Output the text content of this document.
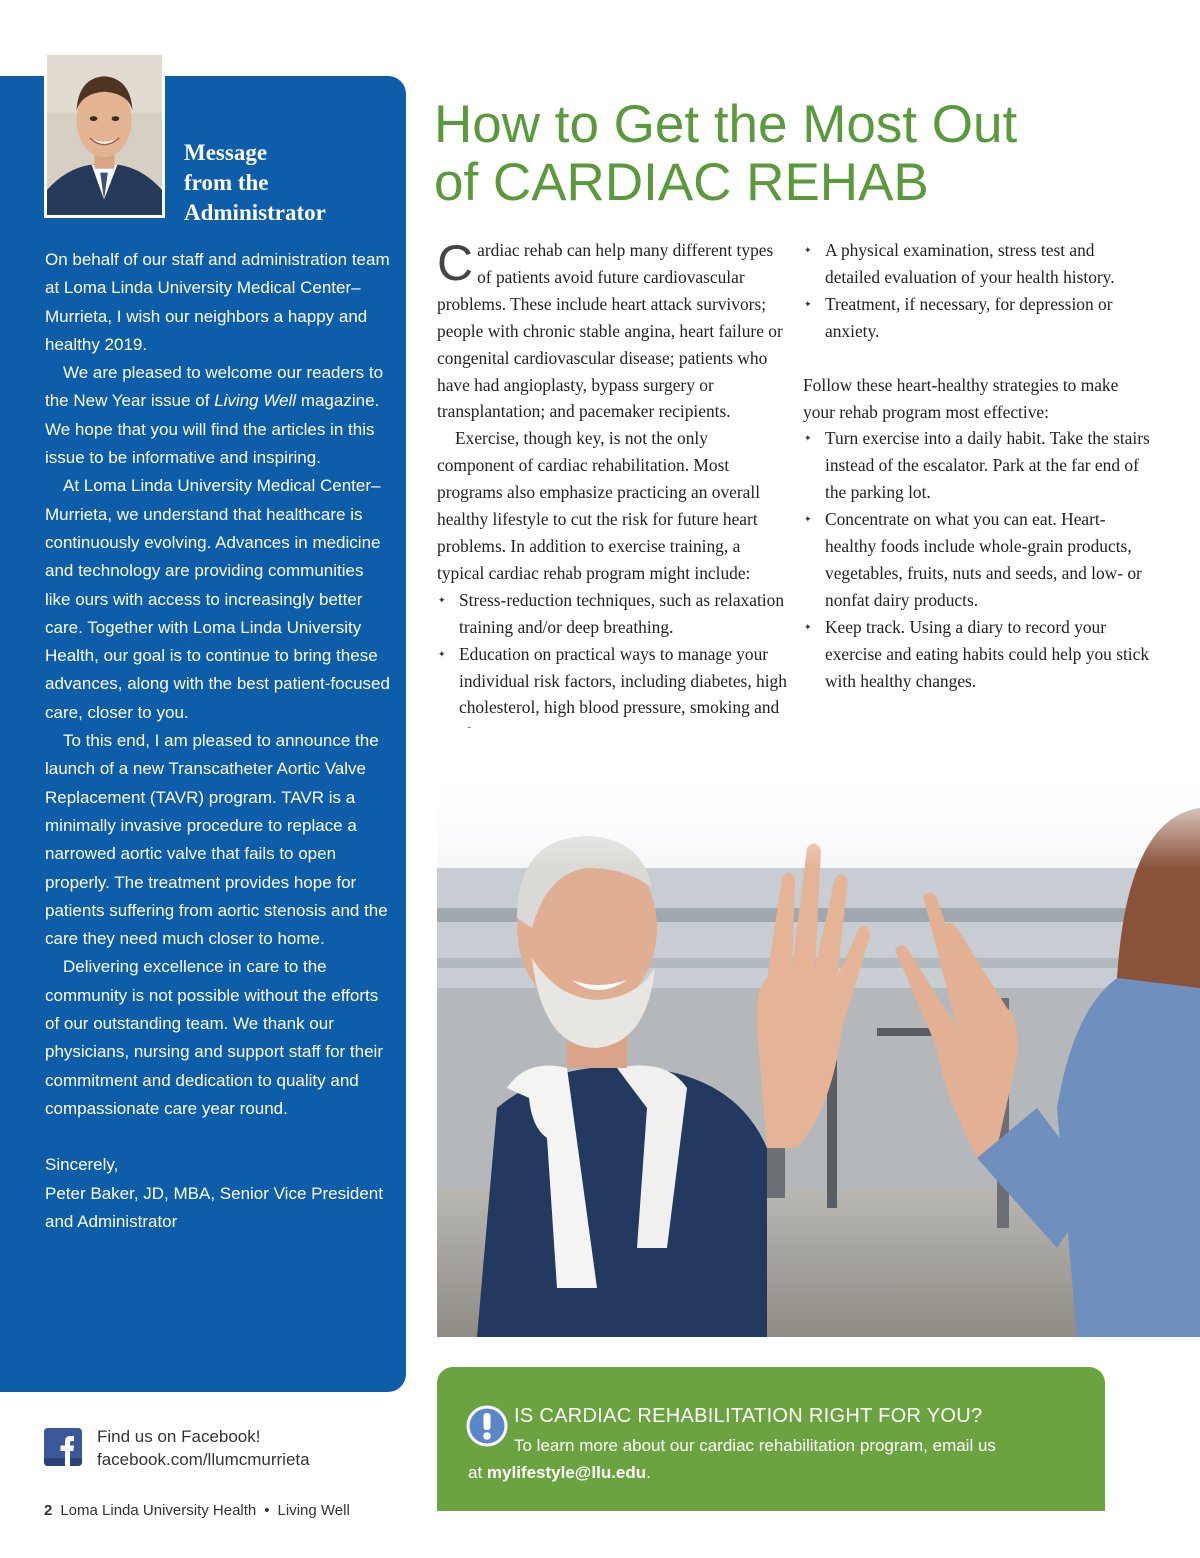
Message
from the
Administrator

On behalf of our staff and administration team at Loma Linda University Medical Center–Murrieta, I wish our neighbors a happy and healthy 2019.

We are pleased to welcome our readers to the New Year issue of Living Well magazine. We hope that you will find the articles in this issue to be informative and inspiring.

At Loma Linda University Medical Center–Murrieta, we understand that healthcare is continuously evolving. Advances in medicine and technology are providing communities like ours with access to increasingly better care. Together with Loma Linda University Health, our goal is to continue to bring these advances, along with the best patient-focused care, closer to you.

To this end, I am pleased to announce the launch of a new Transcatheter Aortic Valve Replacement (TAVR) program. TAVR is a minimally invasive procedure to replace a narrowed aortic valve that fails to open properly. The treatment provides hope for patients suffering from aortic stenosis and the care they need much closer to home.

Delivering excellence in care to the community is not possible without the efforts of our outstanding team. We thank our physicians, nursing and support staff for their commitment and dedication to quality and compassionate care year round.

Sincerely,

Peter Baker, JD, MBA, Senior Vice President and Administrator

Find us on Facebook!
facebook.com/llumcmurrieta
2 Loma Linda University Health • Living Well
How to Get the Most Out
of CARDIAC REHAB

Cardiac rehab can help many different types of patients avoid future cardiovascular problems. These include heart attack survivors; people with chronic stable angina, heart failure or congenital cardiovascular disease; patients who have had angioplasty, bypass surgery or transplantation; and pacemaker recipients.

Exercise, though key, is not the only component of cardiac rehabilitation. Most programs also emphasize practicing an overall healthy lifestyle to cut the risk for future heart problems. In addition to exercise training, a typical cardiac rehab program might include:

✦ Stress-reduction techniques, such as relaxation training and/or deep breathing.
✦ Education on practical ways to manage your individual risk factors, including diabetes, high cholesterol, high blood pressure, smoking and
✦ A physical examination, stress test and detailed evaluation of your health history.
✦ Treatment, if necessary, for depression or anxiety.

Follow these heart-healthy strategies to make your rehab program most effective:

✦ Turn exercise into a daily habit. Take the stairs instead of the escalator. Park at the far end of the parking lot.
✦ Concentrate on what you can eat. Heart-healthy foods include whole-grain products, vegetables, fruits, nuts and seeds, and low- or nonfat dairy products.
✦ Keep track. Using a diary to record your exercise and eating habits could help you stick with healthy changes.
IS CARDIAC REHABILITATION RIGHT FOR YOU?
To learn more about our cardiac rehabilitation program, email us
at mylifestyle@llu.edu.
